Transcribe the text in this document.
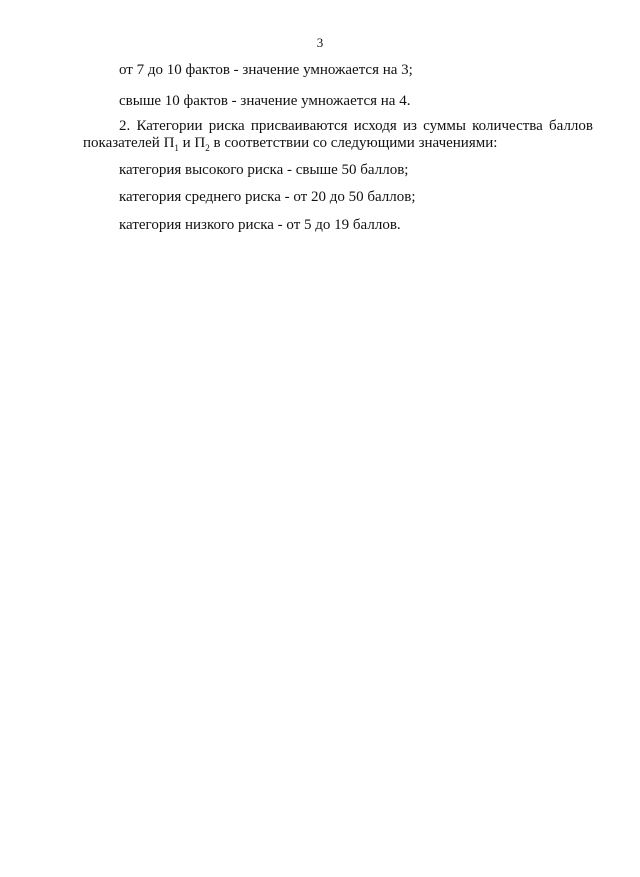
3
от 7 до 10 фактов - значение умножается на 3;
свыше 10 фактов - значение умножается на 4.
2. Категории риска присваиваются исходя из суммы количества баллов
показателей $П_1$ и $П_2$ в соответствии со следующими значениями:
категория высокого риска - свыше 50 баллов;
категория среднего риска - от 20 до 50 баллов;
категория низкого риска - от 5 до 19 баллов.
